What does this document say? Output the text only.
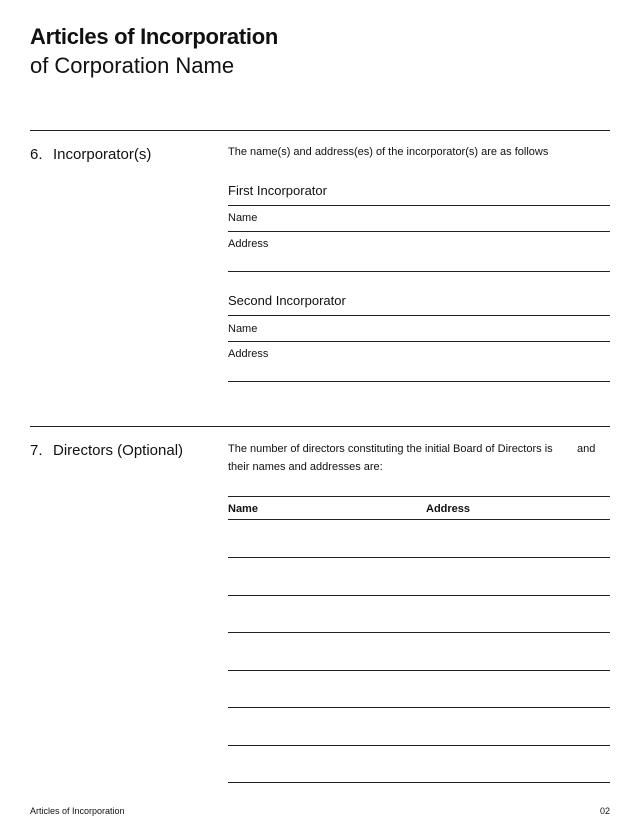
Articles of Incorporation
of Corporation Name
6. Incorporator(s)	The name(s) and address(es) of the incorporator(s) are as follows
First Incorporator
Name
Address
Second Incorporator
Name
Address
7. Directors (Optional)	The number of directors constituting the initial Board of Directors is and
their names and addresses are:
Name	Address
Articles of Incorporation	02
